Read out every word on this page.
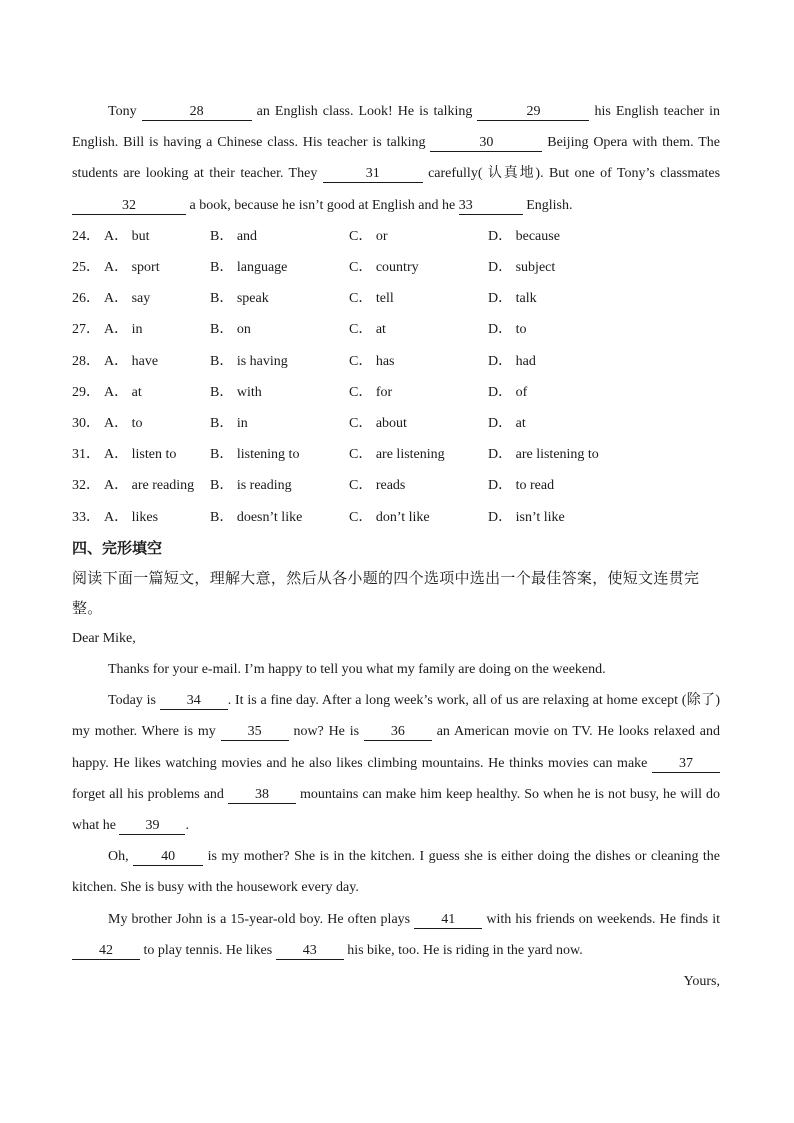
Tony	28	an English class. Look! He is talking	29	his English teacher in English. Bill is having a Chinese class. His teacher is talking	30	Beijing Opera with them. The students are looking at their teacher. They	31	carefully( 认真地). But one of Tony’s classmates 32	a book, because he isn’t good at English and he 33	English.

24． A． but	B． and	C． or	D． because
25． A． sport	B． language	C． country	D． subject
26． A． say	B． speak	C． tell	D． talk
27． A． in	B． on	C． at	D． to
28． A． have	B． is having	C． has	D． had
29． A． at	B． with	C． for	D． of
30． A． to	B． in	C． about	D． at
31． A． listen to B． listening to	C． are listening	D． are listening to
32． A． are reading B． is reading	C． reads	D． to read
33． A． likes	B． doesn’t like	C． don’t like	D． isn’t like
四、完形填空

阅读下面一篇短文，理解大意，然后从各小题的四个选项中选出一个最佳答案，使短文连贯完整。

Dear Mike,

Thanks for your e-mail. I’m happy to tell you what my family are doing on the weekend.

Today is 34 . It is a fine day. After a long week’s work, all of us are relaxing at home except (除了) my mother. Where is my 35 now? He is 36 an American movie on TV. He looks relaxed and happy. He likes watching movies and he also likes climbing mountains. He thinks movies can make 37 forget all his problems and 38 mountains can make him keep healthy. So when he is not busy, he will do what he 39 .

Oh, 40 is my mother? She is in the kitchen. I guess she is either doing the dishes or cleaning the kitchen. She is busy with the housework every day.

My brother John is a 15-year-old boy. He often plays 41 with his friends on weekends. He finds it 42 to play tennis. He likes 43 his bike, too. He is riding in the yard now.

Yours,
